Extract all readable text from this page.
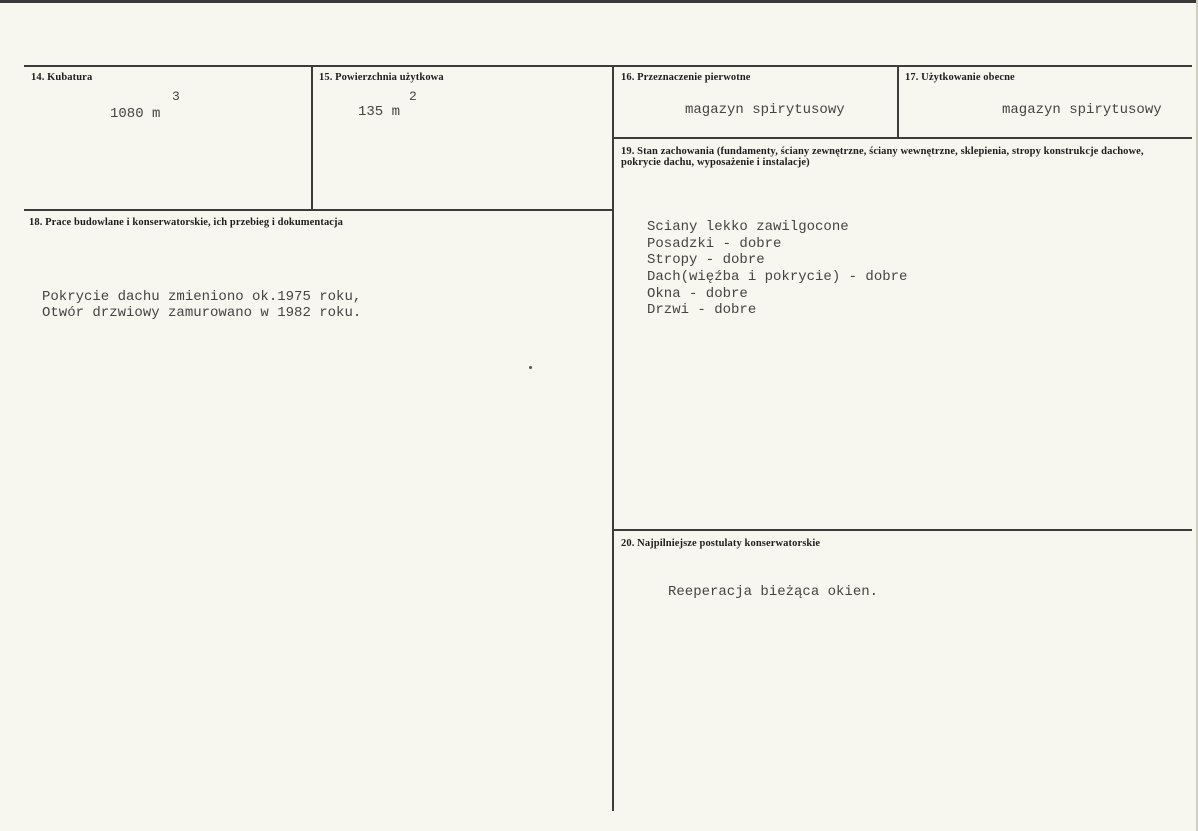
14. Kubatura
3
1080 m
15. Powierzchnia użytkowa
2
135 m
16. Przeznaczenie pierwotne
magazyn spirytusowy
17. Użytkowanie obecne
magazyn spirytusowy
18. Prace budowlane i konserwatorskie, ich przebieg i dokumentacja
Pokrycie dachu zmieniono ok.1975 roku,
Otwór drzwiowy zamurowano w 1982 roku.
19. Stan zachowania (fundamenty, ściany zewnętrzne, ściany wewnętrzne, sklepienia, stropy konstrukcje dachowe, pokrycie dachu, wyposażenie i instalacje)
Sciany lekko zawilgocone
Posadzki - dobre
Stropy - dobre
Dach(więźba i pokrycie) - dobre
Okna - dobre
Drzwi - dobre
20. Najpilniejsze postulaty konserwatorskie
Reeperacja bieżąca okien.
